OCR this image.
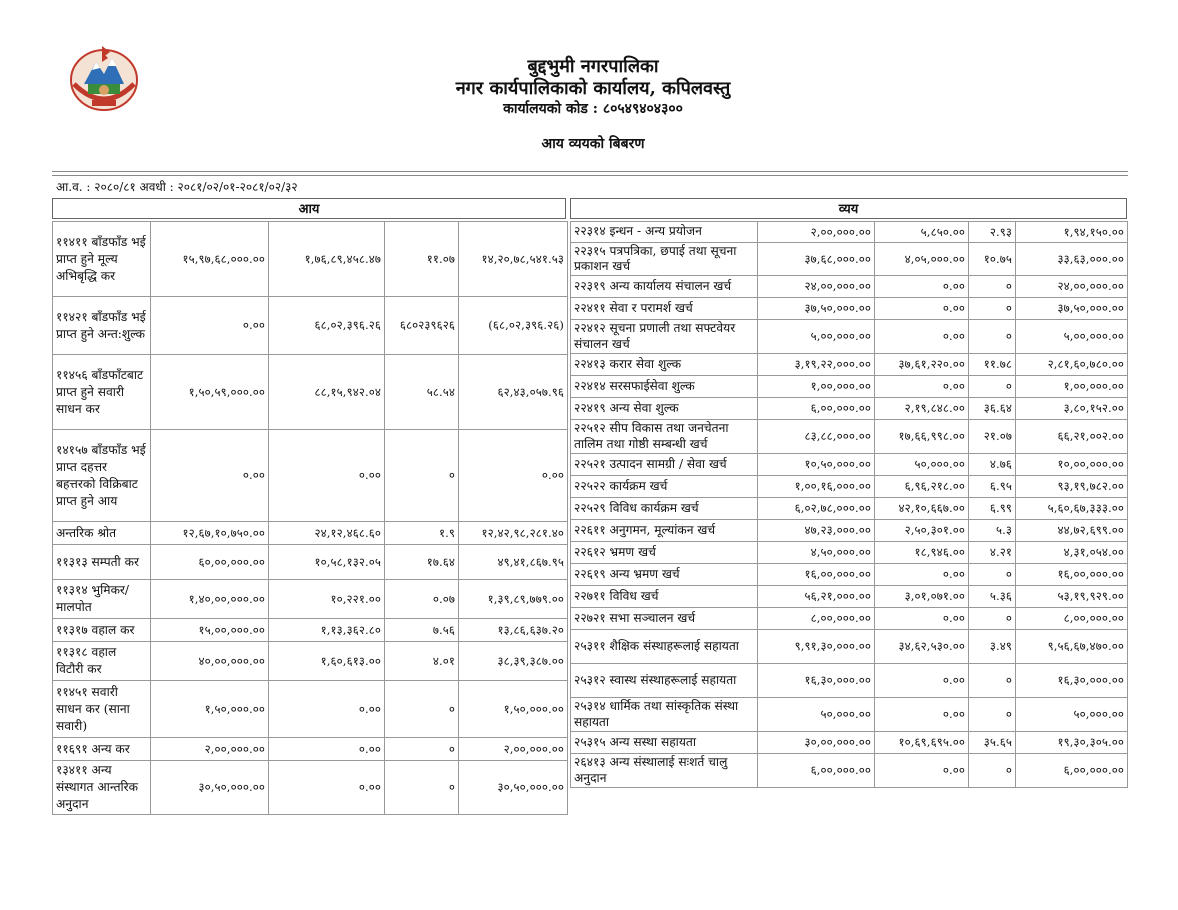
बुद्दभुमी नगरपालिका
नगर कार्यपालिकाको कार्यालय, कपिलवस्तु
कार्यालयको कोड : ८०५४९४०४३००
आय व्ययको बिबरण
आ.व. : २०८०/८१ अवधी : २०८१/०२/०१-२०८१/०२/३२
आय	व्यय
११४११ बाँडफाँड भई प्राप्त हुने मूल्य अभिबृद्धि कर	१५,९७,६८,०००.००	१,७६,८९,४५८.४७	११.०७	१४,२०,७८,५४१.५३
११४२१ बाँडफाँड भई प्राप्त हुने अन्त:शुल्क	०.००	६८,०२,३९६.२६	६८०२३९६२६	(६८,०२,३९६.२६)
११४५६ बाँडफाँटबाट प्राप्त हुने सवारी साधन कर	१,५०,५९,०००.००	८८,१५,९४२.०४	५८.५४	६२,४३,०५७.९६
१४१५७ बाँडफाँड भई प्राप्त दहत्तर बहत्तरको विक्रिबाट प्राप्त हुने आय	०.००	०.००	०	०.००
अन्तरिक श्रोत	१२,६७,१०,७५०.००	२४,१२,४६८.६०	१.९	१२,४२,९८,२८१.४०
११३१३ सम्पती कर	६०,००,०००.००	१०,५८,१३२.०५	१७.६४	४९,४१,८६७.९५
११३१४ भुमिकर/मालपोत	१,४०,००,०००.००	१०,२२१.००	०.०७	१,३९,८९,७७९.००
११३१७ वहाल कर	१५,००,०००.००	१,१३,३६२.८०	७.५६	१३,८६,६३७.२०
११३१८ वहाल विटौरी कर	४०,००,०००.००	१,६०,६१३.००	४.०१	३८,३९,३८७.००
११४५१ सवारी साधन कर (साना सवारी)	१,५०,०००.००	०.००	०	१,५०,०००.००
११६९१ अन्य कर	२,००,०००.००	०.००	०	२,००,०००.००
१३४११ अन्य संस्थागत आन्तरिक अनुदान	३०,५०,०००.००	०.००	०	३०,५०,०००.००
२२३१४ इन्धन - अन्य प्रयोजन	२,००,०००.००	५,८५०.००	२.९३	१,९४,१५०.००
२२३१५ पत्रपत्रिका, छपाई तथा सूचना प्रकाशन खर्च	३७,६८,०००.००	४,०५,०००.००	१०.७५	३३,६३,०००.००
२२३१९ अन्य कार्यालय संचालन खर्च	२४,००,०००.००	०.००	०	२४,००,०००.००
२२४११ सेवा र परामर्श खर्च	३७,५०,०००.००	०.००	०	३७,५०,०००.००
२२४१२ सूचना प्रणाली तथा सफ्टवेयर संचालन खर्च	५,००,०००.००	०.००	०	५,००,०००.००
२२४१३ करार सेवा शुल्क	३,१९,२२,०००.००	३७,६१,२२०.००	११.७८	२,८१,६०,७८०.००
२२४१४ सरसफाईसेवा शुल्क	१,००,०००.००	०.००	०	१,००,०००.००
२२४१९ अन्य सेवा शुल्क	६,००,०००.००	२,१९,८४८.००	३६.६४	३,८०,१५२.००
२२५१२ सीप विकास तथा जनचेतना तालिम तथा गोष्ठी सम्बन्धी खर्च	८३,८८,०००.००	१७,६६,९९८.००	२१.०७	६६,२१,००२.००
२२५२१ उत्पादन सामग्री / सेवा खर्च	१०,५०,०००.००	५०,०००.००	४.७६	१०,००,०००.००
२२५२२ कार्यक्रम खर्च	१,००,१६,०००.००	६,९६,२१८.००	६.९५	९३,१९,७८२.००
२२५२९ विविध कार्यक्रम खर्च	६,०२,७८,०००.००	४२,१०,६६७.००	६.९९	५,६०,६७,३३३.००
२२६११ अनुगमन, मूल्यांकन खर्च	४७,२३,०००.००	२,५०,३०१.००	५.३	४४,७२,६९९.००
२२६१२ भ्रमण खर्च	४,५०,०००.००	१८,९४६.००	४.२१	४,३१,०५४.००
२२६१९ अन्य भ्रमण खर्च	१६,००,०००.००	०.००	०	१६,००,०००.००
२२७११ विविध खर्च	५६,२१,०००.००	३,०१,०७१.००	५.३६	५३,१९,९२९.००
२२७२१ सभा सञ्चालन खर्च	८,००,०००.००	०.००	०	८,००,०००.००
२५३११ शैक्षिक संस्थाहरूलाई सहायता	९,९१,३०,०००.००	३४,६२,५३०.००	३.४९	९,५६,६७,४७०.००
२५३१२ स्वास्थ संस्थाहरूलाई सहायता	१६,३०,०००.००	०.००	०	१६,३०,०००.००
२५३१४ धार्मिक तथा सांस्कृतिक संस्था सहायता	५०,०००.००	०.००	०	५०,०००.००
२५३१५ अन्य सस्था सहायता	३०,००,०००.००	१०,६९,६९५.००	३५.६५	१९,३०,३०५.००
२६४१३ अन्य संस्थालाई सःशर्त चालु अनुदान	६,००,०००.००	०.००	०	६,००,०००.००
